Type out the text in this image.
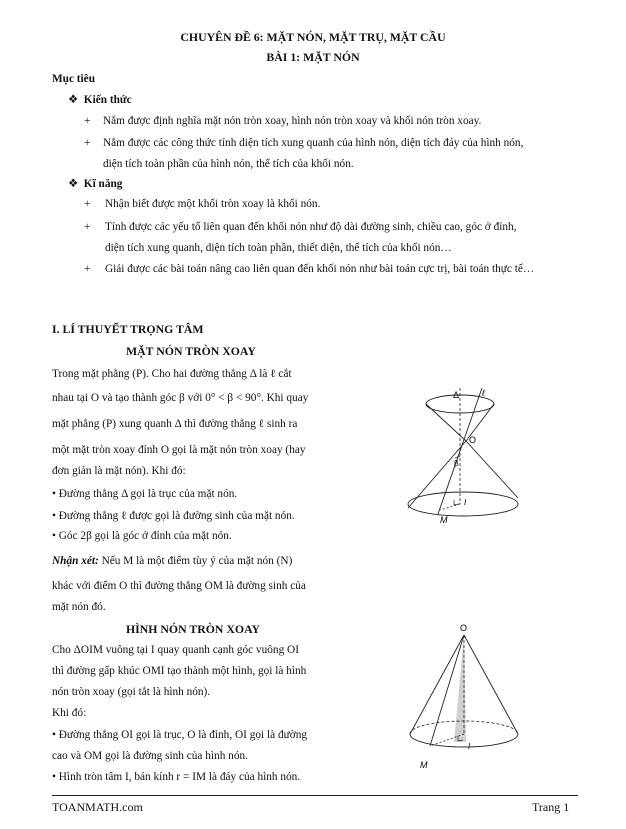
CHUYÊN ĐỀ 6: MẶT NÓN, MẶT TRỤ, MẶT CẦU
BÀI 1: MẶT NÓN
Mục tiêu
❖ Kiến thức
+ Nắm được định nghĩa mặt nón tròn xoay, hình nón tròn xoay và khối nón tròn xoay.
+ Nắm được các công thức tính diện tích xung quanh của hình nón, diện tích đáy của hình nón,
diện tích toàn phần của hình nón, thể tích của khối nón.
❖ Kĩ năng
+ Nhận biết được một khối tròn xoay là khối nón.
+ Tính được các yếu tố liên quan đến khối nón như độ dài đường sinh, chiều cao, góc ở đỉnh,
diện tích xung quanh, diện tích toàn phần, thiết diện, thể tích của khối nón…
+ Giải được các bài toán nâng cao liên quan đến khối nón như bài toán cực trị, bài toán thực tế…
I. LÍ THUYẾT TRỌNG TÂM
MẶT NÓN TRÒN XOAY
Trong mặt phẳng (P). Cho hai đường thẳng Δ là ℓ cắt
nhau tại O và tạo thành góc β với 0° < β < 90°. Khi quay
mặt phẳng (P) xung quanh Δ thì đường thẳng ℓ sinh ra
một mặt tròn xoay đỉnh O gọi là mặt nón tròn xoay (hay
đơn giản là mặt nón). Khi đó:
• Đường thẳng Δ gọi là trục của mặt nón.
• Đường thẳng ℓ được gọi là đường sinh của mặt nón.
• Góc 2β gọi là góc ở đỉnh của mặt nón.
Nhận xét: Nếu M là một điểm tùy ý của mặt nón (N)
khác với điểm O thì đường thẳng OM là đường sinh của
mặt nón đó.
HÌNH NÓN TRÒN XOAY
Cho ΔOIM vuông tại I quay quanh cạnh góc vuông OI
thì đường gấp khúc OMI tạo thành một hình, gọi là hình
nón tròn xoay (gọi tắt là hình nón).
Khi đó:
• Đường thẳng OI gọi là trục, O là đỉnh, OI gọi là đường
cao và OM gọi là đường sinh của hình nón.
• Hình tròn tâm I, bán kính r = IM là đáy của hình nón.
Δ	ℓ
O
β
I
M
O
I
M
TOANMATH.com	Trang 1
